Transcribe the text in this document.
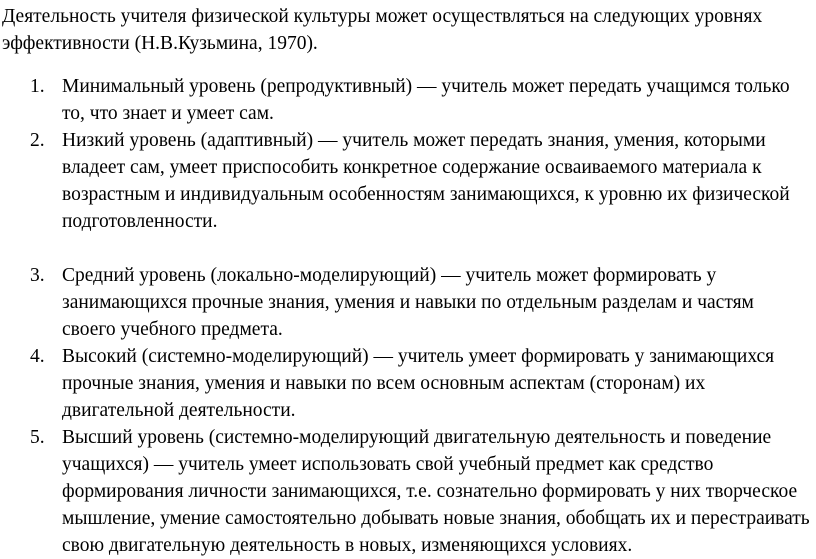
Деятельность учителя физической культуры может осуществляться на следующих уровнях эффективности (Н.В.Кузьмина, 1970).

1. Минимальный уровень (репродуктивный) — учитель может передать учащимся только то, что знает и умеет сам.
2. Низкий уровень (адаптивный) — учитель может передать знания, умения, которыми владеет сам, умеет приспособить конкретное содержание осваиваемого материала к возрастным и индивидуальным особенностям занимающихся, к уровню их физической подготовленности.
3. Средний уровень (локально-моделирующий) — учитель может формировать у занимающихся прочные знания, умения и навыки по отдельным разделам и частям своего учебного предмета.
4. Высокий (системно-моделирующий) — учитель умеет формировать у занимающихся прочные знания, умения и навыки по всем основным аспектам (сторонам) их двигательной деятельности.
5. Высший уровень (системно-моделирующий двигательную деятельность и поведение учащихся) — учитель умеет использовать свой учебный предмет как средство формирования личности занимающихся, т.е. сознательно формировать у них творческое мышление, умение самостоятельно добывать новые знания, обобщать их и перестраивать свою двигательную деятельность в новых, изменяющихся условиях.
